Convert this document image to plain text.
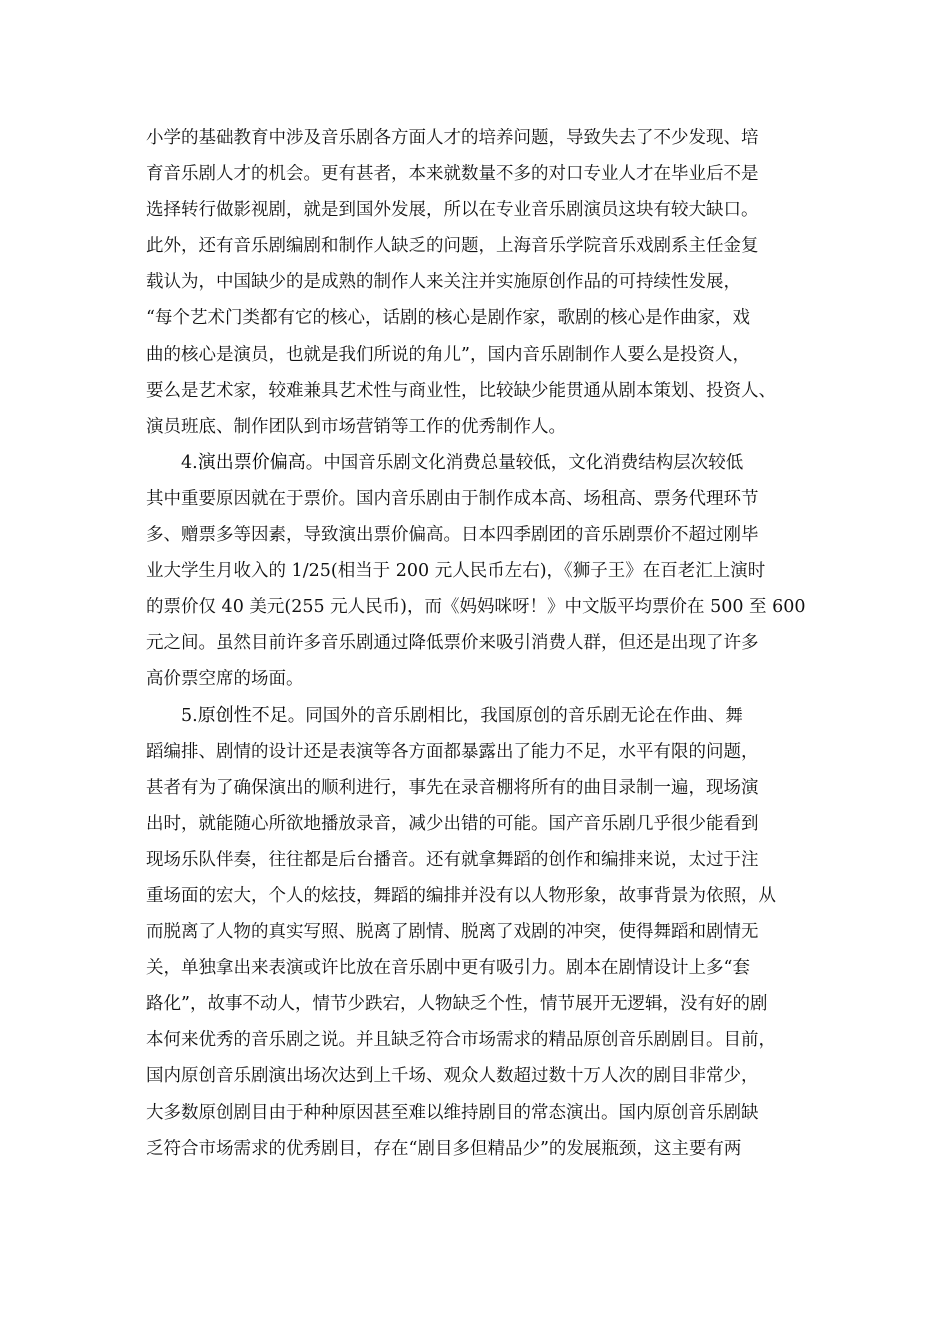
小学的基础教育中涉及音乐剧各方面人才的培养问题，导致失去了不少发现、培
育音乐剧人才的机会。更有甚者，本来就数量不多的对口专业人才在毕业后不是
选择转行做影视剧，就是到国外发展，所以在专业音乐剧演员这块有较大缺口。
此外，还有音乐剧编剧和制作人缺乏的问题，上海音乐学院音乐戏剧系主任金复
载认为，中国缺少的是成熟的制作人来关注并实施原创作品的可持续性发展，
“每个艺术门类都有它的核心，话剧的核心是剧作家，歌剧的核心是作曲家，戏
曲的核心是演员，也就是我们所说的角儿”，国内音乐剧制作人要么是投资人，
要么是艺术家，较难兼具艺术性与商业性，比较缺少能贯通从剧本策划、投资人、
演员班底、制作团队到市场营销等工作的优秀制作人。
4.演出票价偏高。中国音乐剧文化消费总量较低，文化消费结构层次较低
其中重要原因就在于票价。国内音乐剧由于制作成本高、场租高、票务代理环节
多、赠票多等因素，导致演出票价偏高。日本四季剧团的音乐剧票价不超过刚毕
业大学生月收入的 1/25(相当于 200 元人民币左右)，《狮子王》在百老汇上演时
的票价仅 40 美元(255 元人民币)，而《妈妈咪呀！》中文版平均票价在 500 至 600
元之间。虽然目前许多音乐剧通过降低票价来吸引消费人群，但还是出现了许多
高价票空席的场面。
5.原创性不足。同国外的音乐剧相比，我国原创的音乐剧无论在作曲、舞
蹈编排、剧情的设计还是表演等各方面都暴露出了能力不足，水平有限的问题，
甚者有为了确保演出的顺利进行，事先在录音棚将所有的曲目录制一遍，现场演
出时，就能随心所欲地播放录音，减少出错的可能。国产音乐剧几乎很少能看到
现场乐队伴奏，往往都是后台播音。还有就拿舞蹈的创作和编排来说，太过于注
重场面的宏大，个人的炫技，舞蹈的编排并没有以人物形象，故事背景为依照，从
而脱离了人物的真实写照、脱离了剧情、脱离了戏剧的冲突，使得舞蹈和剧情无
关，单独拿出来表演或许比放在音乐剧中更有吸引力。剧本在剧情设计上多“套
路化”，故事不动人，情节少跌宕，人物缺乏个性，情节展开无逻辑，没有好的剧
本何来优秀的音乐剧之说。并且缺乏符合市场需求的精品原创音乐剧剧目。目前，
国内原创音乐剧演出场次达到上千场、观众人数超过数十万人次的剧目非常少，
大多数原创剧目由于种种原因甚至难以维持剧目的常态演出。国内原创音乐剧缺
乏符合市场需求的优秀剧目，存在“剧目多但精品少”的发展瓶颈，这主要有两
